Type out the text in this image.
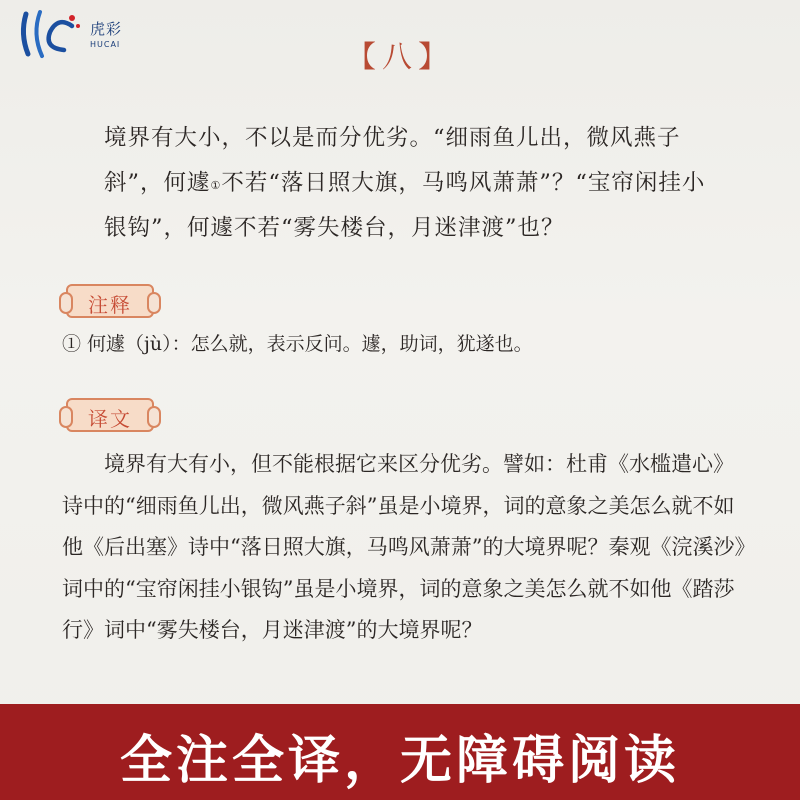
虎彩
HUCAI	【八】

境界有大小，不以是而分优劣。“细雨鱼儿出，微风燕子

斜”，何遽①不若“落日照大旗，马鸣风萧萧”？“宝帘闲挂小

银钩”，何遽不若“雾失楼台，月迷津渡”也？

注释
① 何遽（jù）：怎么就，表示反问。遽，助词，犹遂也。
译文

境界有大有小，但不能根据它来区分优劣。譬如：杜甫《水槛遣心》诗中的“细雨鱼儿出，微风燕子斜”虽是小境界，词的意象之美怎么就不如他《后出塞》诗中“落日照大旗，马鸣风萧萧”的大境界呢？秦观《浣溪沙》词中的“宝帘闲挂小银钩”虽是小境界，词的意象之美怎么就不如他《踏莎行》词中“雾失楼台，月迷津渡”的大境界呢？

全注全译，无障碍阅读
